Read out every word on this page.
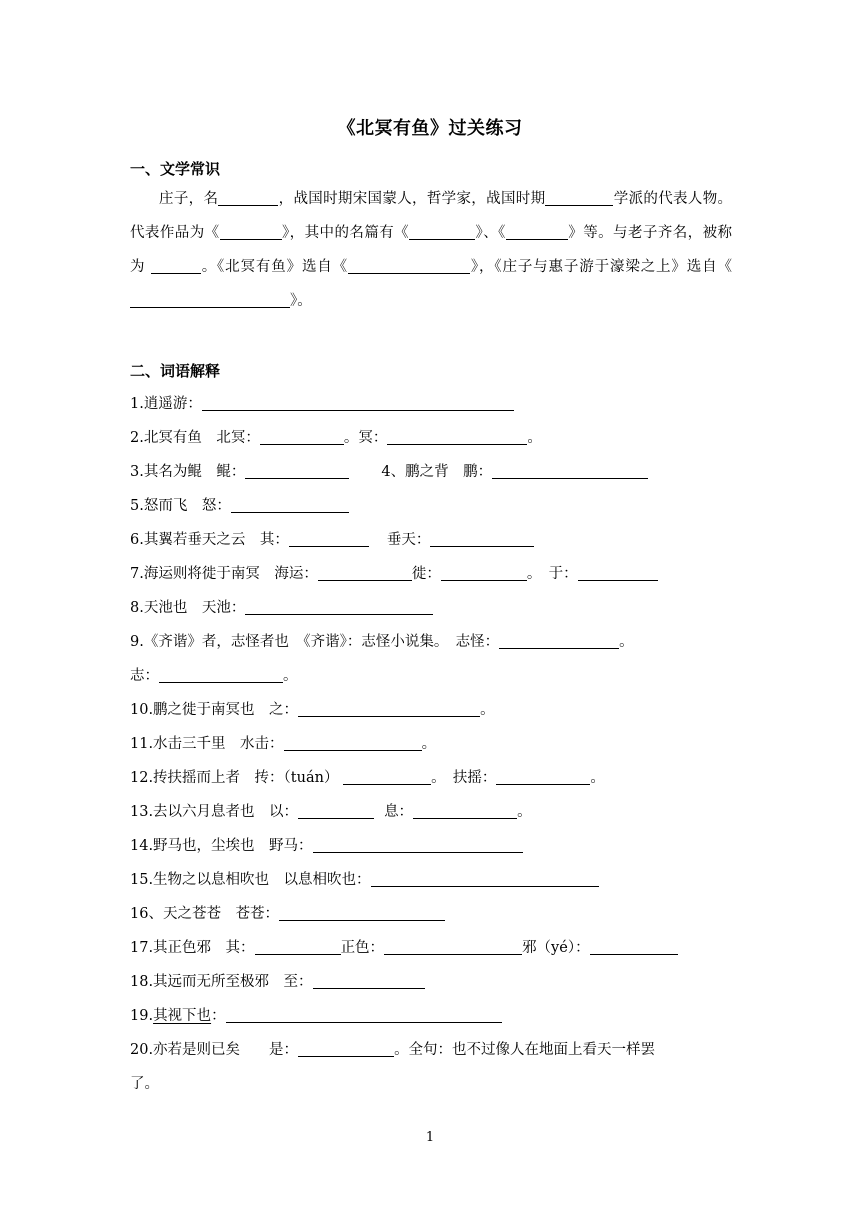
《北冥有鱼》过关练习
一、文学常识
庄子，名	，战国时期宋国蒙人，哲学家，战国时期	学派的代表人物。代表作品为《	》，其中的名篇有《	》、《	》等。与老子齐名，被称为	。《北冥有鱼》选自《	》，《庄子与惠子游于濠梁之上》选自《》。
二、词语解释
1.逍遥游：
2.北冥有鱼　北冥：	。冥：	。
3.其名为鲲　鲲：	4、鹏之背　鹏：
5.怒而飞　怒：
6.其翼若垂天之云　其：	垂天：
7.海运则将徙于南冥　海运：	徙：	。　于：
8.天池也　天池：
9.《齐谐》者，志怪者也　《齐谐》：志怪小说集。　志怪：	。
志：	。
10.鹏之徙于南冥也　之：	。
11.水击三千里　水击：	。
12.抟扶摇而上者　抟：（tuán）	。　扶摇：	。
13.去以六月息者也　以：	息：	。
14.野马也，尘埃也　野马：
15.生物之以息相吹也　以息相吹也：
16、天之苍苍　苍苍：
17.其正色邪　其：	正色：	邪（yé）：
18.其远而无所至极邪　至：
19.其视下也：
20.亦若是则已矣　　是：	。全句：也不过像人在地面上看天一样罢
了。
1
